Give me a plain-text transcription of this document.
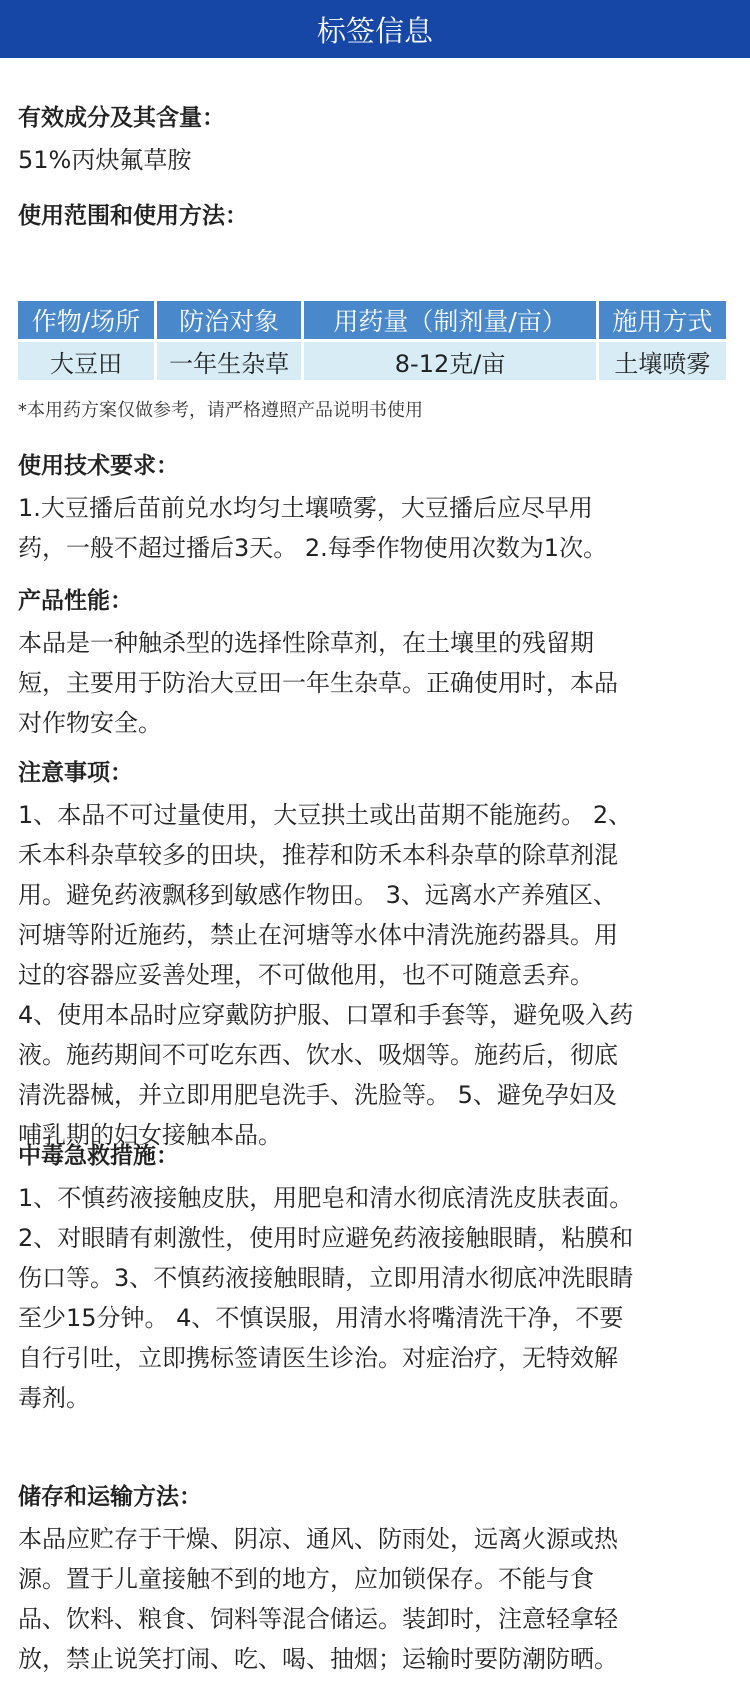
标签信息

有效成分及其含量：

51%丙炔氟草胺

使用范围和使用方法：

作物/场所	防治对象	用药量（制剂量/亩）	施用方式
大豆田	一年生杂草	8-12克/亩	土壤喷雾
*本用药方案仅做参考，请严格遵照产品说明书使用

使用技术要求：

1.大豆播后苗前兑水均匀土壤喷雾，大豆播后应尽早用
药，一般不超过播后3天。 2.每季作物使用次数为1次。

产品性能：

本品是一种触杀型的选择性除草剂，在土壤里的残留期
短，主要用于防治大豆田一年生杂草。正确使用时，本品
对作物安全。

注意事项：

1、本品不可过量使用，大豆拱土或出苗期不能施药。 2、
禾本科杂草较多的田块，推荐和防禾本科杂草的除草剂混
用。避免药液飘移到敏感作物田。 3、远离水产养殖区、
河塘等附近施药，禁止在河塘等水体中清洗施药器具。用
过的容器应妥善处理，不可做他用，也不可随意丢弃。
4、使用本品时应穿戴防护服、口罩和手套等，避免吸入药
液。施药期间不可吃东西、饮水、吸烟等。施药后，彻底
清洗器械，并立即用肥皂洗手、洗脸等。 5、避免孕妇及
哺乳期的妇女接触本品。

中毒急救措施：

1、不慎药液接触皮肤，用肥皂和清水彻底清洗皮肤表面。
2、对眼睛有刺激性，使用时应避免药液接触眼睛，粘膜和
伤口等。3、不慎药液接触眼睛，立即用清水彻底冲洗眼睛
至少15分钟。 4、不慎误服，用清水将嘴清洗干净，不要
自行引吐，立即携标签请医生诊治。对症治疗，无特效解
毒剂。

储存和运输方法：

本品应贮存于干燥、阴凉、通风、防雨处，远离火源或热
源。置于儿童接触不到的地方，应加锁保存。不能与食
品、饮料、粮食、饲料等混合储运。装卸时，注意轻拿轻
放，禁止说笑打闹、吃、喝、抽烟；运输时要防潮防晒。
